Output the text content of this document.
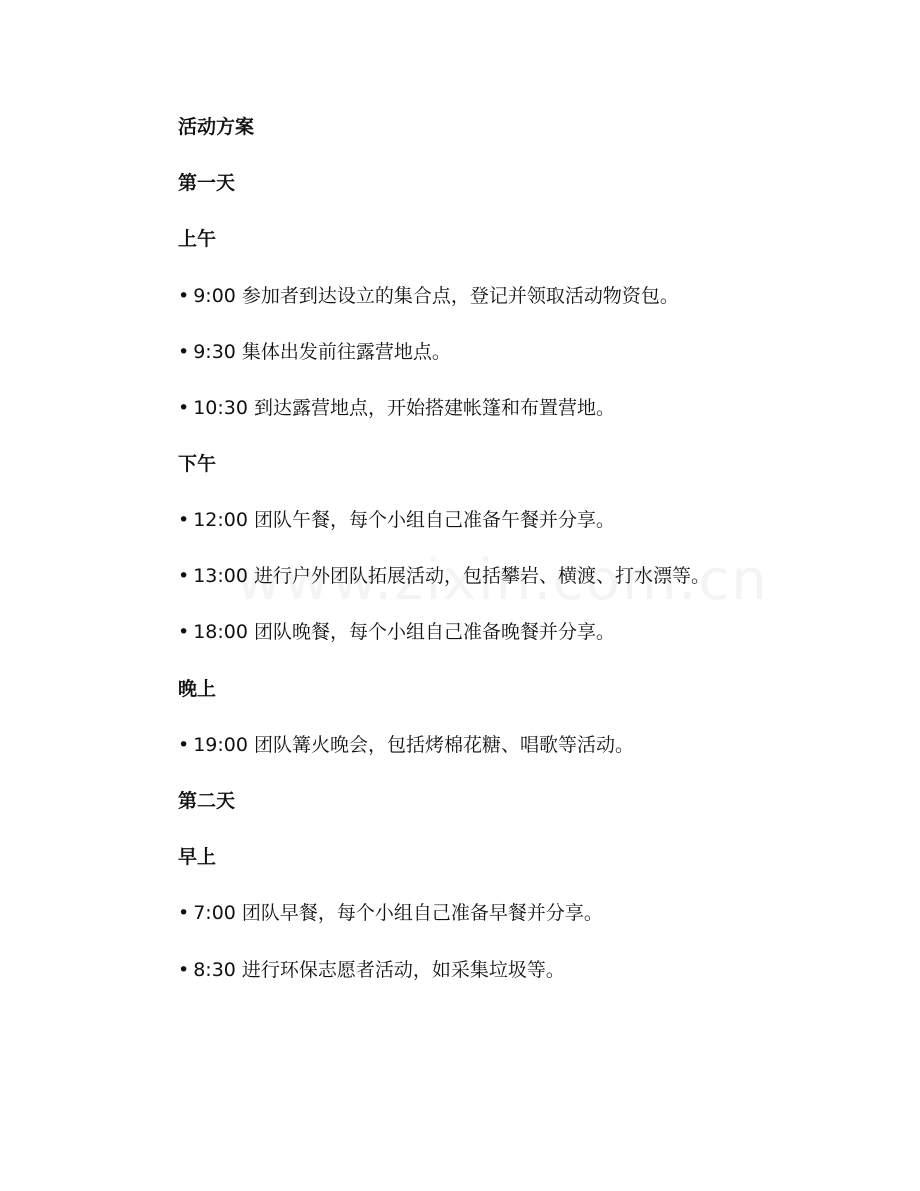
活动方案
第一天
上午
• 9:00 参加者到达设立的集合点，登记并领取活动物资包。
• 9:30 集体出发前往露营地点。
• 10:30 到达露营地点，开始搭建帐篷和布置营地。
下午
• 12:00 团队午餐，每个小组自己准备午餐并分享。
• 13:00 进行户外团队拓展活动，包括攀岩、横渡、打水漂等。
• 18:00 团队晚餐，每个小组自己准备晚餐并分享。
晚上
• 19:00 团队篝火晚会，包括烤棉花糖、唱歌等活动。
第二天
早上
• 7:00 团队早餐，每个小组自己准备早餐并分享。
• 8:30 进行环保志愿者活动，如采集垃圾等。
